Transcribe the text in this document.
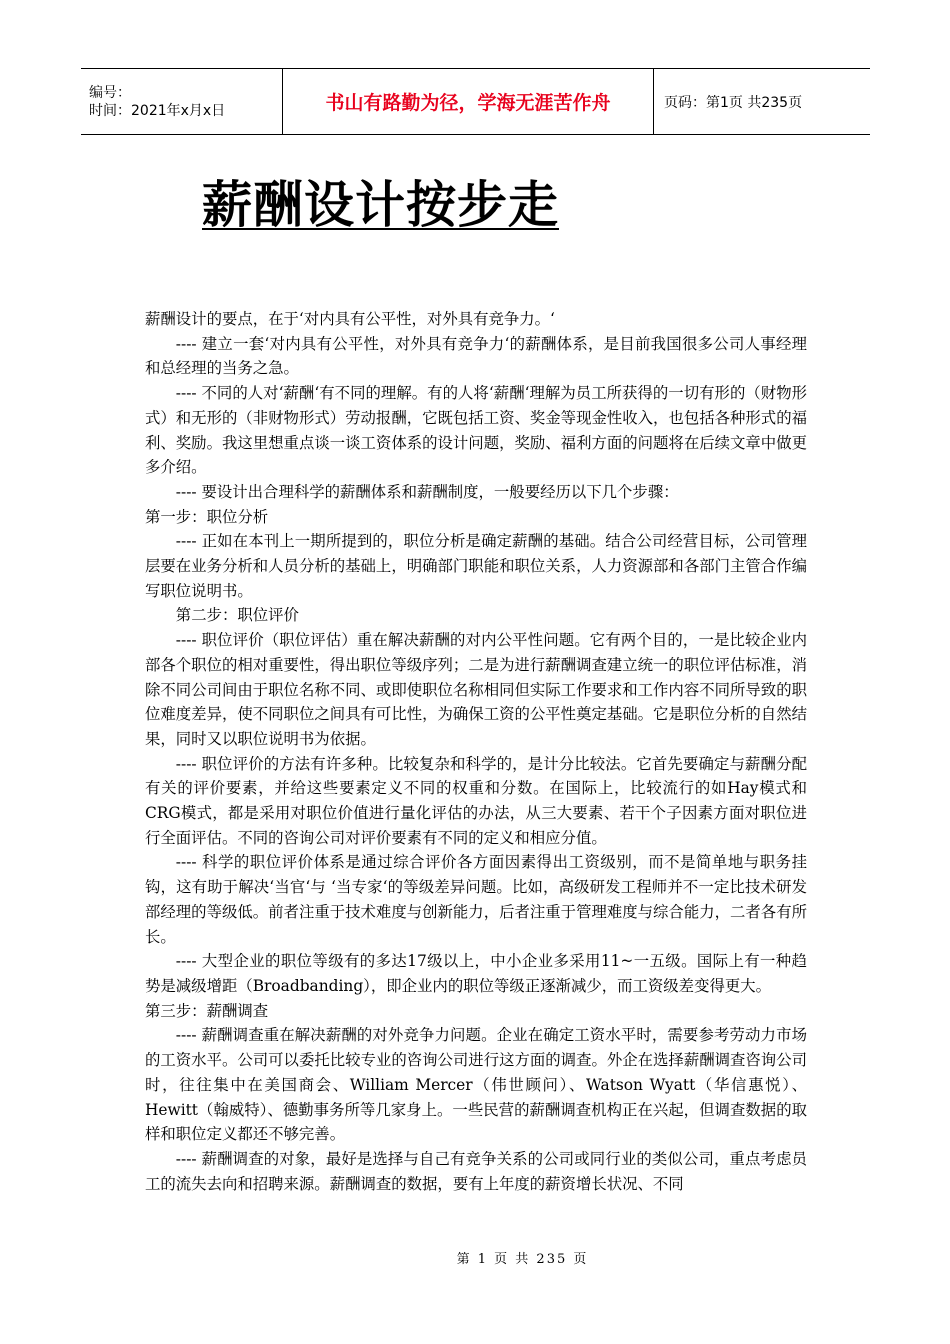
编号：
时间：2021年x月x日	书山有路勤为径，学海无涯苦作舟	页码：第1页 共235页
薪酬设计按步走

薪酬设计的要点，在于‘对内具有公平性，对外具有竞争力。‘

---- 建立一套‘对内具有公平性，对外具有竞争力‘的薪酬体系，是目前我国很多公司人事经理和总经理的当务之急。

---- 不同的人对‘薪酬‘有不同的理解。有的人将‘薪酬‘理解为员工所获得的一切有形的（财物形式）和无形的（非财物形式）劳动报酬，它既包括工资、奖金等现金性收入，也包括各种形式的福利、奖励。我这里想重点谈一谈工资体系的设计问题，奖励、福利方面的问题将在后续文章中做更多介绍。

---- 要设计出合理科学的薪酬体系和薪酬制度，一般要经历以下几个步骤：

第一步：职位分析

---- 正如在本刊上一期所提到的，职位分析是确定薪酬的基础。结合公司经营目标，公司管理层要在业务分析和人员分析的基础上，明确部门职能和职位关系，人力资源部和各部门主管合作编写职位说明书。

第二步：职位评价

---- 职位评价（职位评估）重在解决薪酬的对内公平性问题。它有两个目的，一是比较企业内部各个职位的相对重要性，得出职位等级序列；二是为进行薪酬调查建立统一的职位评估标准，消除不同公司间由于职位名称不同、或即使职位名称相同但实际工作要求和工作内容不同所导致的职位难度差异，使不同职位之间具有可比性，为确保工资的公平性奠定基础。它是职位分析的自然结果，同时又以职位说明书为依据。

---- 职位评价的方法有许多种。比较复杂和科学的，是计分比较法。它首先要确定与薪酬分配有关的评价要素，并给这些要素定义不同的权重和分数。在国际上，比较流行的如Hay模式和CRG模式，都是采用对职位价值进行量化评估的办法，从三大要素、若干个子因素方面对职位进行全面评估。不同的咨询公司对评价要素有不同的定义和相应分值。

---- 科学的职位评价体系是通过综合评价各方面因素得出工资级别，而不是简单地与职务挂钩，这有助于解决‘当官‘与 ‘当专家‘的等级差异问题。比如，高级研发工程师并不一定比技术研发部经理的等级低。前者注重于技术难度与创新能力，后者注重于管理难度与综合能力，二者各有所长。

---- 大型企业的职位等级有的多达17级以上，中小企业多采用11~一五级。国际上有一种趋势是减级增距（Broadbanding），即企业内的职位等级正逐渐减少，而工资级差变得更大。

第三步：薪酬调查

---- 薪酬调查重在解决薪酬的对外竞争力问题。企业在确定工资水平时，需要参考劳动力市场的工资水平。公司可以委托比较专业的咨询公司进行这方面的调查。外企在选择薪酬调查咨询公司时，往往集中在美国商会、William Mercer（伟世顾问）、Watson Wyatt（华信惠悦）、Hewitt（翰威特）、德勤事务所等几家身上。一些民营的薪酬调查机构正在兴起，但调查数据的取样和职位定义都还不够完善。

---- 薪酬调查的对象，最好是选择与自己有竞争关系的公司或同行业的类似公司，重点考虑员工的流失去向和招聘来源。薪酬调查的数据，要有上年度的薪资增长状况、不同

第 1 页 共 235 页
